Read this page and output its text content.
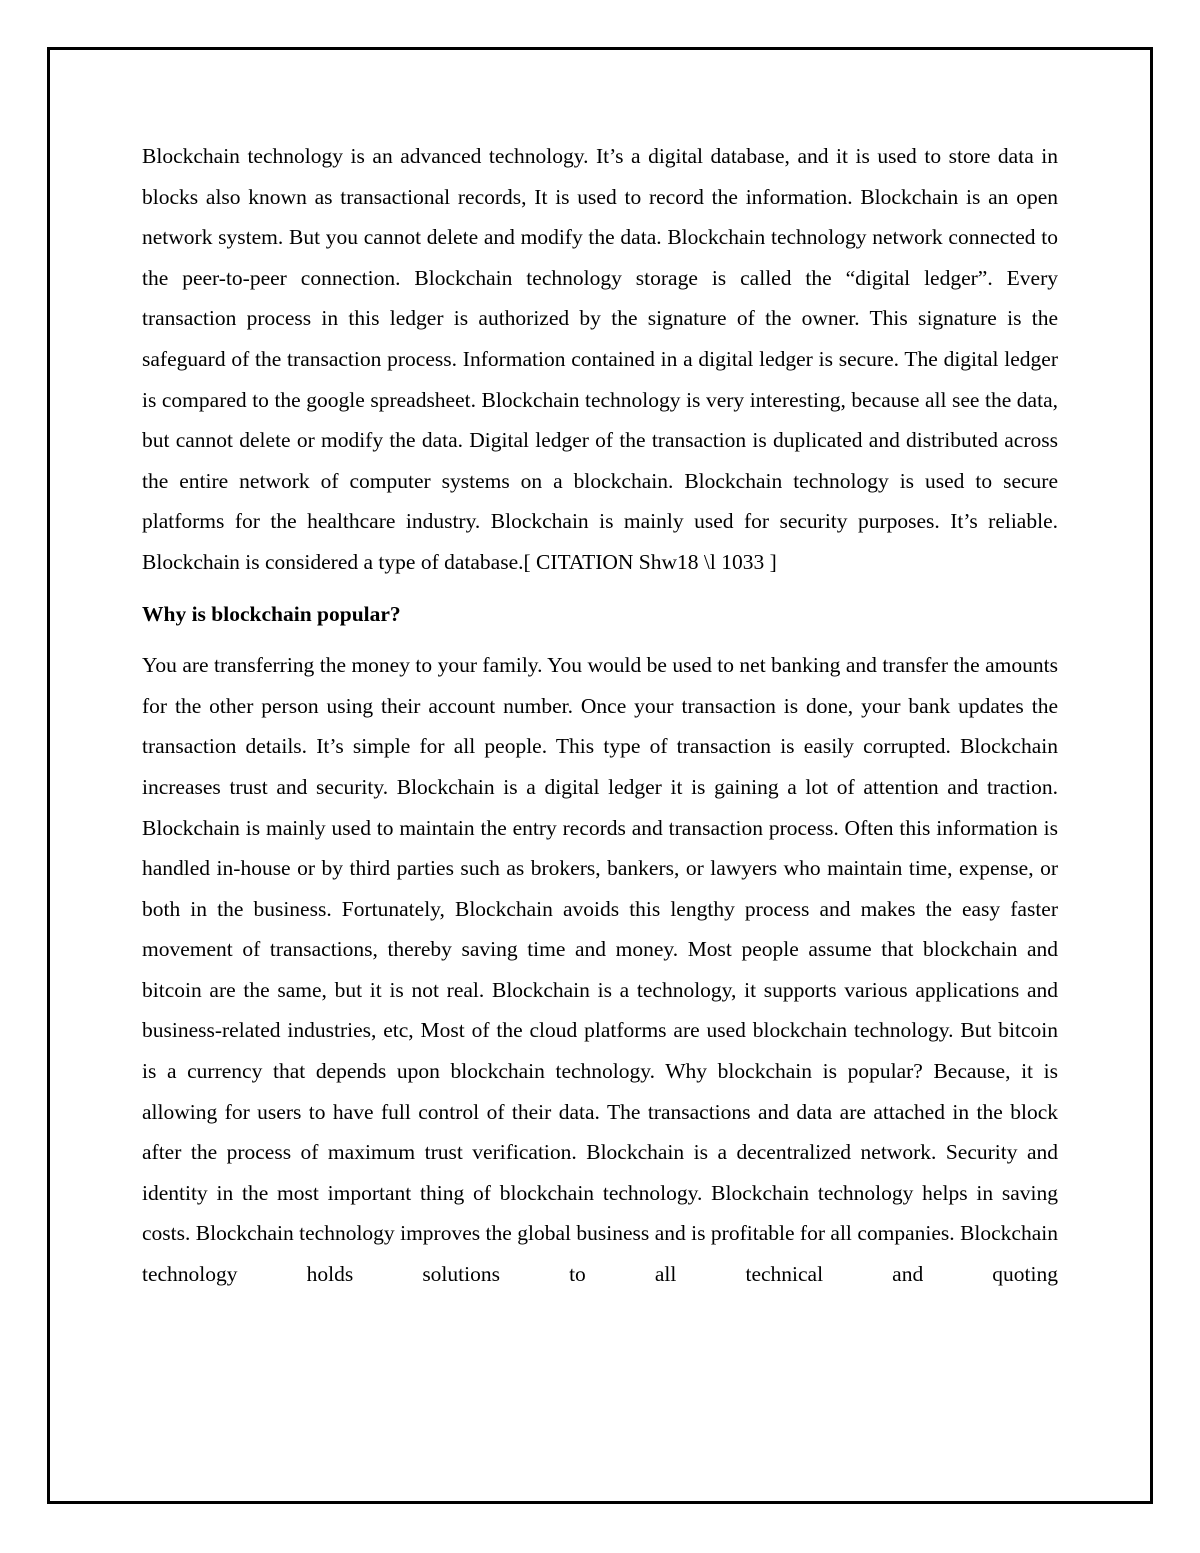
Blockchain technology is an advanced technology. It’s a digital database, and it is used to store data in blocks also known as transactional records, It is used to record the information. Blockchain is an open network system. But you cannot delete and modify the data. Blockchain technology network connected to the peer-to-peer connection. Blockchain technology storage is called the “digital ledger”. Every transaction process in this ledger is authorized by the signature of the owner. This signature is the safeguard of the transaction process. Information contained in a digital ledger is secure. The digital ledger is compared to the google spreadsheet. Blockchain technology is very interesting, because all see the data, but cannot delete or modify the data. Digital ledger of the transaction is duplicated and distributed across the entire network of computer systems on a blockchain. Blockchain technology is used to secure platforms for the healthcare industry. Blockchain is mainly used for security purposes. It’s reliable. Blockchain is considered a type of database.[ CITATION Shw18 \l 1033 ]

Why is blockchain popular?

You are transferring the money to your family. You would be used to net banking and transfer the amounts for the other person using their account number. Once your transaction is done, your bank updates the transaction details. It’s simple for all people. This type of transaction is easily corrupted. Blockchain increases trust and security. Blockchain is a digital ledger it is gaining a lot of attention and traction. Blockchain is mainly used to maintain the entry records and transaction process. Often this information is handled in-house or by third parties such as brokers, bankers, or lawyers who maintain time, expense, or both in the business. Fortunately, Blockchain avoids this lengthy process and makes the easy faster movement of transactions, thereby saving time and money. Most people assume that blockchain and bitcoin are the same, but it is not real. Blockchain is a technology, it supports various applications and business-related industries, etc, Most of the cloud platforms are used blockchain technology. But bitcoin is a currency that depends upon blockchain technology. Why blockchain is popular? Because, it is allowing for users to have full control of their data. The transactions and data are attached in the block after the process of maximum trust verification. Blockchain is a decentralized network. Security and identity in the most important thing of blockchain technology. Blockchain technology helps in saving costs. Blockchain technology improves the global business and is profitable for all companies. Blockchain technology holds solutions to all technical and quoting
